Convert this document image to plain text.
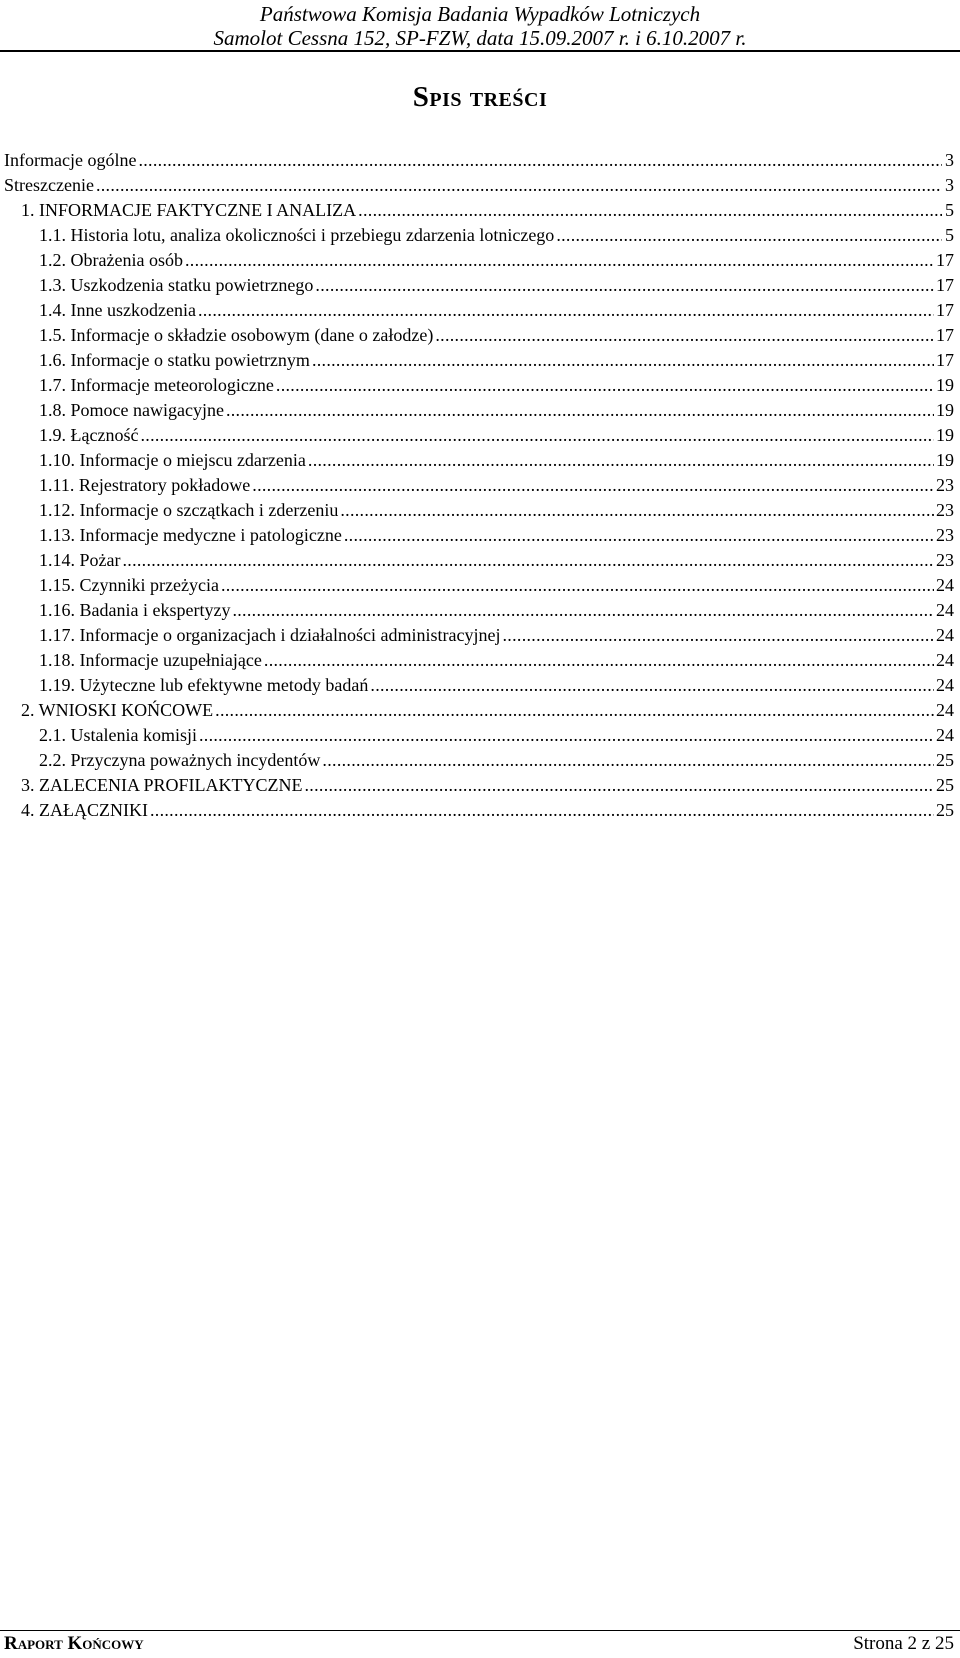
Państwowa Komisja Badania Wypadków Lotniczych
Samolot Cessna 152, SP-FZW, data 15.09.2007 r. i 6.10.2007 r.
Spis treści
Informacje ogólne .....	3
Streszczenie .....	3
1. INFORMACJE FAKTYCZNE I ANALIZA .....	5
1.1. Historia lotu, analiza okoliczności i przebiegu zdarzenia lotniczego .....	5
1.2. Obrażenia osób .....	17
1.3. Uszkodzenia statku powietrznego .....	17
1.4. Inne uszkodzenia .....	17
1.5. Informacje o składzie osobowym (dane o załodze) .....	17
1.6. Informacje o statku powietrznym .....	17
1.7. Informacje meteorologiczne .....	19
1.8. Pomoce nawigacyjne .....	19
1.9. Łączność .....	19
1.10. Informacje o miejscu zdarzenia .....	19
1.11. Rejestratory pokładowe .....	23
1.12. Informacje o szczątkach i zderzeniu .....	23
1.13. Informacje medyczne i patologiczne .....	23
1.14. Pożar .....	23
1.15. Czynniki przeżycia .....	24
1.16. Badania i ekspertyzy .....	24
1.17. Informacje o organizacjach i działalności administracyjnej .....	24
1.18. Informacje uzupełniające .....	24
1.19. Użyteczne lub efektywne metody badań .....	24
2. WNIOSKI KOŃCOWE .....	24
2.1. Ustalenia komisji .....	24
2.2. Przyczyna poważnych incydentów .....	25
3. ZALECENIA PROFILAKTYCZNE .....	25
4. ZAŁĄCZNIKI .....	25
Raport Końcowy	Strona 2 z 25
